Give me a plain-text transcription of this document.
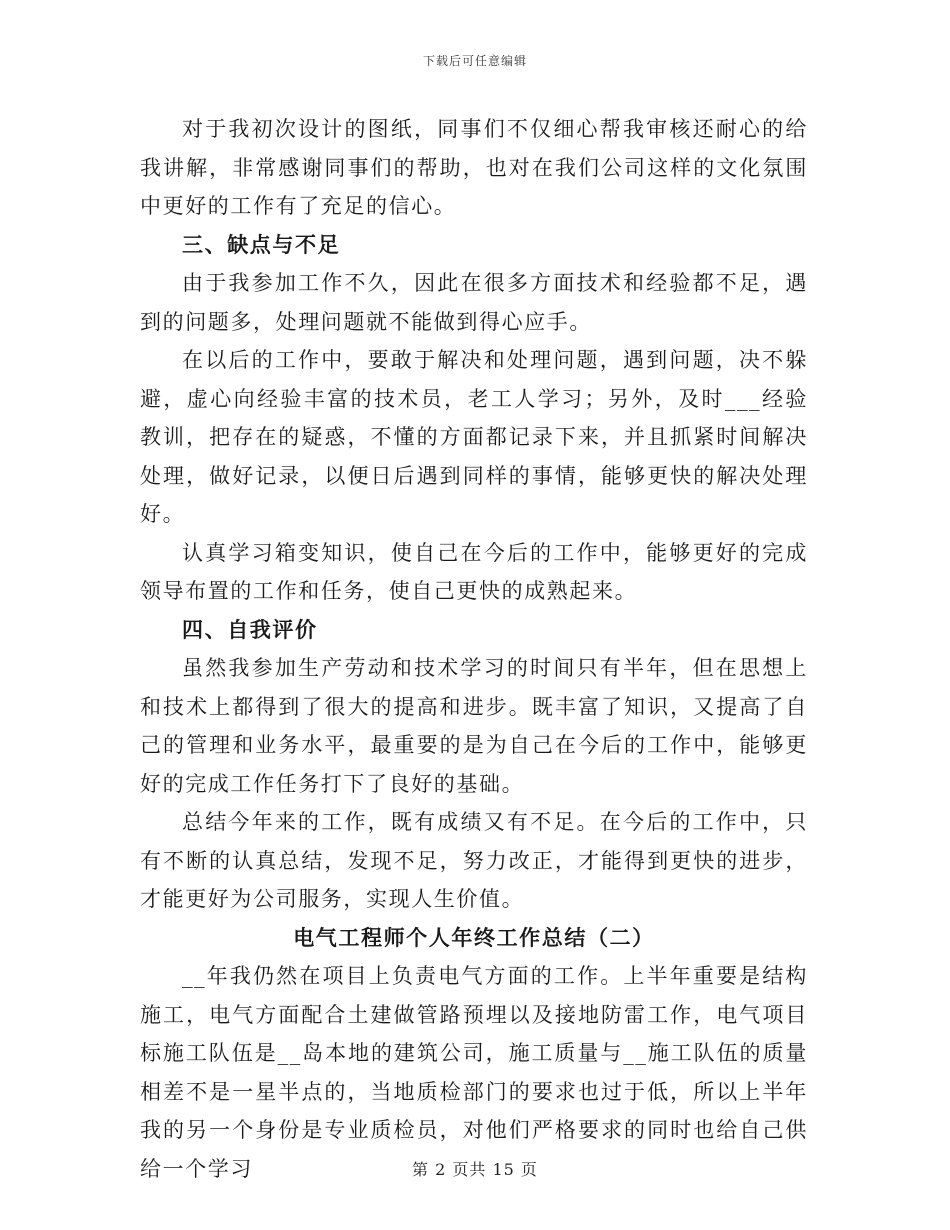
下载后可任意编辑

对于我初次设计的图纸，同事们不仅细心帮我审核还耐心的给我讲解，非常感谢同事们的帮助，也对在我们公司这样的文化氛围中更好的工作有了充足的信心。

三、缺点与不足

由于我参加工作不久，因此在很多方面技术和经验都不足，遇到的问题多，处理问题就不能做到得心应手。

在以后的工作中，要敢于解决和处理问题，遇到问题，决不躲避，虚心向经验丰富的技术员，老工人学习；另外，及时___经验教训，把存在的疑惑，不懂的方面都记录下来，并且抓紧时间解决处理，做好记录，以便日后遇到同样的事情，能够更快的解决处理好。

认真学习箱变知识，使自己在今后的工作中，能够更好的完成领导布置的工作和任务，使自己更快的成熟起来。

四、自我评价

虽然我参加生产劳动和技术学习的时间只有半年，但在思想上和技术上都得到了很大的提高和进步。既丰富了知识，又提高了自己的管理和业务水平，最重要的是为自己在今后的工作中，能够更好的完成工作任务打下了良好的基础。

总结今年来的工作，既有成绩又有不足。在今后的工作中，只有不断的认真总结，发现不足，努力改正，才能得到更快的进步，才能更好为公司服务，实现人生价值。

电气工程师个人年终工作总结（二）

__年我仍然在项目上负责电气方面的工作。上半年重要是结构施工，电气方面配合土建做管路预埋以及接地防雷工作，电气项目标施工队伍是__岛本地的建筑公司，施工质量与__施工队伍的质量相差不是一星半点的，当地质检部门的要求也过于低，所以上半年我的另一个身份是专业质检员，对他们严格要求的同时也给自己供给一个学习	第 2 页共 15 页
